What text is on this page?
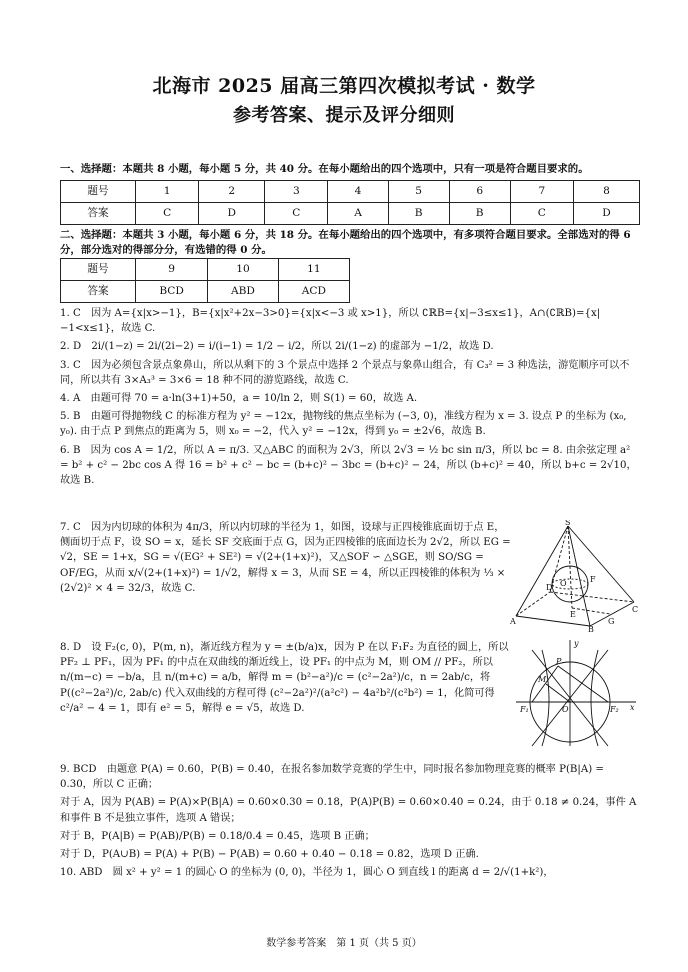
北海市 2025 届高三第四次模拟考试 · 数学
参考答案、提示及评分细则
一、选择题：本题共 8 小题，每小题 5 分，共 40 分。在每小题给出的四个选项中，只有一项是符合题目要求的。
题号	1	2	3	4	5	6	7	8
答案	C	D	C	A	B	B	C	D
二、选择题：本题共 3 小题，每小题 6 分，共 18 分。在每小题给出的四个选项中，有多项符合题目要求。全部选对的得 6 分，部分选对的得部分分，有选错的得 0 分。
题号	9	10	11
答案	BCD	ABD	ACD

1. C　因为 A={x|x>−1}，B={x|x²+2x−3>0}={x|x<−3 或 x>1}，所以 ∁ℝB={x|−3≤x≤1}，A∩(∁ℝB)={x|−1<x≤1}，故选 C.

2. D　2i/(1−z) = 2i/(2i−2) = i/(i−1) = 1/2 − i/2，所以 2i/(1−z) 的虚部为 −1/2，故选 D.

3. C　因为必须包含景点象鼻山，所以从剩下的 3 个景点中选择 2 个景点与象鼻山组合，有 C₃² = 3 种选法，游览顺序可以不同，所以共有 3×A₃³ = 3×6 = 18 种不同的游览路线，故选 C.

4. A　由题可得 70 = a·ln(3+1)+50，a = 10/ln 2，则 S(1) = 60，故选 A.

5. B　由题可得抛物线 C 的标准方程为 y² = −12x，抛物线的焦点坐标为 (−3, 0)，准线方程为 x = 3. 设点 P 的坐标为 (x₀, y₀). 由于点 P 到焦点的距离为 5，则 x₀ = −2，代入 y² = −12x，得到 y₀ = ±2√6，故选 B.

6. B　因为 cos A = 1/2，所以 A = π/3. 又△ABC 的面积为 2√3，所以 2√3 = ½ bc sin π/3，所以 bc = 8. 由余弦定理 a² = b² + c² − 2bc cos A 得 16 = b² + c² − bc = (b+c)² − 3bc = (b+c)² − 24，所以 (b+c)² = 40，所以 b+c = 2√10，故选 B.

7. C　因为内切球的体积为 4π/3，所以内切球的半径为 1，如图，设球与正四棱锥底面切于点 E，侧面切于点 F，设 SO = x，延长 SF 交底面于点 G，因为正四棱锥的底面边长为 2√2，所以 EG = √2，SE = 1+x，SG = √(EG² + SE²) = √(2+(1+x)²)，又△SOF ∽ △SGE，则 SO/SG = OF/EG，从而 x/√(2+(1+x)²) = 1/√2，解得 x = 3，从而 SE = 4，所以正四棱锥的体积为 ⅓ × (2√2)² × 4 = 32/3，故选 C.
S
O	F
E
G
A
B
C
D
8. D　设 F₂(c, 0)，P(m, n)，渐近线方程为 y = ±(b/a)x，因为 P 在以 F₁F₂ 为直径的圆上，所以 PF₂ ⊥ PF₁，因为 PF₁ 的中点在双曲线的渐近线上，设 PF₁ 的中点为 M，则 OM // PF₂，所以 n/(m−c) = −b/a，且 n/(m+c) = a/b，解得 m = (b²−a²)/c = (c²−2a²)/c，n = 2ab/c，将 P((c²−2a²)/c, 2ab/c) 代入双曲线的方程可得 (c²−2a²)²/(a²c²) − 4a²b²/(c²b²) = 1，化简可得 c²/a² − 4 = 1，即有 e² = 5，解得 e = √5，故选 D.
y
P
M
F₁	O	F₂ x

9. BCD　由题意 P(A) = 0.60，P(B) = 0.40，在报名参加数学竞赛的学生中，同时报名参加物理竞赛的概率 P(B|A) = 0.30，所以 C 正确；

对于 A，因为 P(AB) = P(A)×P(B|A) = 0.60×0.30 = 0.18，P(A)P(B) = 0.60×0.40 = 0.24，由于 0.18 ≠ 0.24，事件 A 和事件 B 不是独立事件，选项 A 错误；

对于 B，P(A|B) = P(AB)/P(B) = 0.18/0.4 = 0.45，选项 B 正确；

对于 D，P(A∪B) = P(A) + P(B) − P(AB) = 0.60 + 0.40 − 0.18 = 0.82，选项 D 正确.

10. ABD　圆 x² + y² = 1 的圆心 O 的坐标为 (0, 0)，半径为 1，圆心 O 到直线 l 的距离 d = 2/√(1+k²)，

数学参考答案　第 1 页（共 5 页）
